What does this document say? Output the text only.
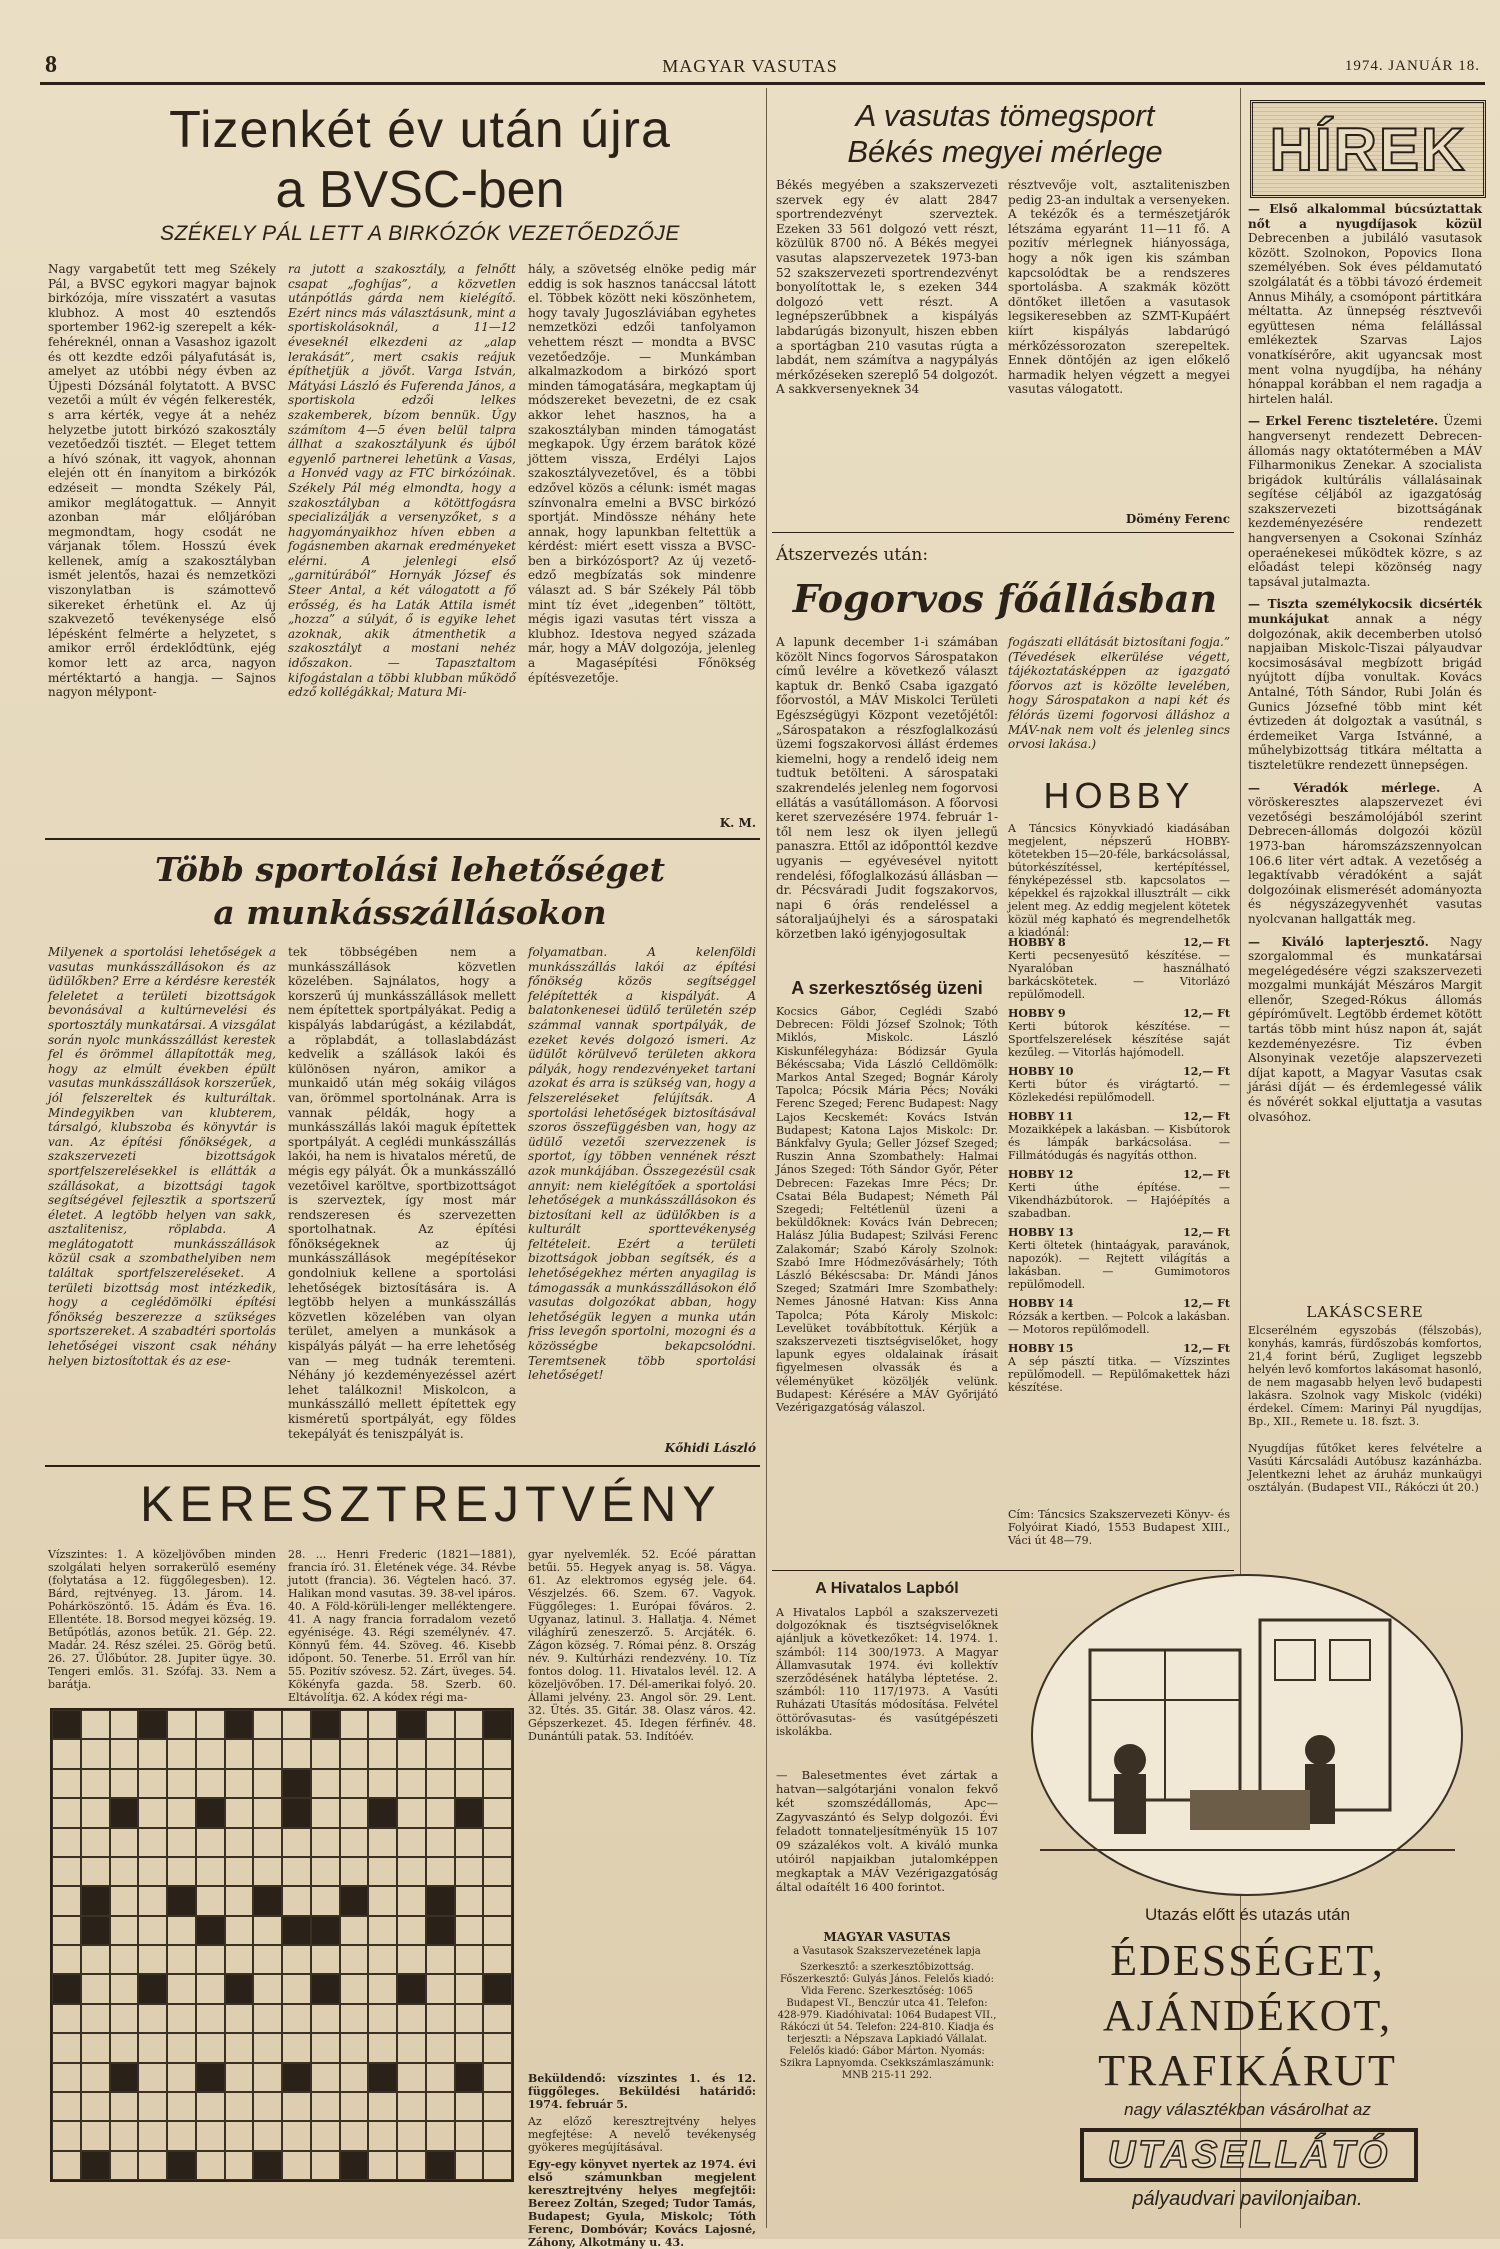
8	MAGYAR VASUTAS	1974. JANUÁR 18.
Tizenkét év után újra
a BVSC-ben
SZÉKELY PÁL LETT A BIRKÓZÓK VEZETŐEDZŐJE
Nagy vargabetűt tett meg Székely Pál, a BVSC egykori magyar bajnok birkózója, míre visszatért a vasutas klubhoz. A most 40 esztendős sportember 1962-ig szerepelt a kék-fehéreknél, onnan a Vasashoz igazolt és ott kezdte edzői pályafutását is, amelyet az utóbbi négy évben az Újpesti Dózsánál folytatott. A BVSC vezetői a múlt év végén felkeresték, s arra kérték, vegye át a nehéz helyzetbe jutott birkózó szakosztály vezetőedzői tisztét. — Eleget tettem a hívó szónak, itt vagyok, ahonnan elején ott én ínanyitom a birkózók edzéseit — mondta Székely Pál, amikor meglátogattuk. — Annyit azonban már előljáróban megmondtam, hogy csodát ne várjanak tőlem. Hosszú évek kellenek, amíg a szakosztályban ismét jelentős, hazai és nemzetközi viszonylatban is számottevő sikereket érhetünk el. Az új szakvezető tevékenysége első lépésként felmérte a helyzetet, s amikor erről érdeklődtünk, ejég komor lett az arca, nagyon mértéktartó a hangja. — Sajnos nagyon mélypont-
ra jutott a szakosztály, a felnőtt csapat „foghíjas”, a közvetlen utánpótlás gárda nem kielégítő. Ezért nincs más választásunk, mint a sportiskolásoknál, a 11—12 éveseknél elkezdeni az „alap lerakását”, mert csakis reájuk építhetjük a jövőt. Varga István, Mátyási László és Fuferenda János, a sportiskola edzői lelkes szakemberek, bízom bennük. Úgy számítom 4—5 éven belül talpra állhat a szakosztályunk és újból egyenlő partnerei lehetünk a Vasas, a Honvéd vagy az FTC birkózóinak. Székely Pál még elmondta, hogy a szakosztályban a kötöttfogásra specializálják a versenyzőket, s a hagyományaikhoz híven ebben a fogásnemben akarnak eredményeket elérni. A jelenlegi első „garnitúrából” Hornyák József és Steer Antal, a két válogatott a fő erősség, és ha Laták Attila ismét „hozza” a súlyát, ő is egyike lehet azoknak, akik átmenthetik a szakosztályt a mostani nehéz időszakon. — Tapasztaltom kifogástalan a többi klubban működő edző kollégákkal; Matura Mi-
hály, a szövetség elnöke pedig már eddig is sok hasznos tanáccsal látott el. Többek között neki köszönhetem, hogy tavaly Jugoszláviában egyhetes nemzetközi edzői tanfolyamon vehettem részt — mondta a BVSC vezetőedzője. — Munkámban alkalmazkodom a birkózó sport minden támogatására, megkaptam új módszereket bevezetni, de ez csak akkor lehet hasznos, ha a szakosztályban minden támogatást megkapok. Úgy érzem barátok közé jöttem vissza, Erdélyi Lajos szakosztályvezetővel, és a többi edzővel közös a célunk: ismét magas színvonalra emelni a BVSC birkózó sportját. Mindössze néhány hete annak, hogy lapunkban feltettük a kérdést: miért esett vissza a BVSC-ben a birkózósport? Az új vezető-edző megbízatás sok mindenre választ ad. S bár Székely Pál több mint tíz évet „idegenben” töltött, mégis igazi vasutas tért vissza a klubhoz. Idestova negyed százada már, hogy a MÁV dolgozója, jelenleg a Magasépítési Főnökség építésvezetője.
K. M.
Több sportolási lehetőséget
a munkásszállásokon
Milyenek a sportolási lehetőségek a vasutas munkásszállásokon és az üdülőkben? Erre a kérdésre keresték feleletet a területi bizottságok bevonásával a kultúrnevelési és sportosztály munkatársai. A vizsgálat során nyolc munkásszállást kerestek fel és örömmel állapították meg, hogy az elmúlt években épült vasutas munkásszállások korszerűek, jól felszereltek és kulturáltak. Mindegyikben van klubterem, társalgó, klubszoba és könyvtár is van. Az építési főnökségek, a szakszervezeti bizottságok sportfelszerelésekkel is ellátták a szállásokat, a bizottsági tagok segítségével fejlesztik a sportszerű életet. A legtöbb helyen van sakk, asztalitenisz, röplabda. A meglátogatott munkásszállások közül csak a szombathelyiben nem találtak sportfelszereléseket. A területi bizottság most intézkedik, hogy a ceglédömölki építési főnökség beszerezze a szükséges sportszereket. A szabadtéri sportolás lehetőségei viszont csak néhány helyen biztosítottak és az ese-
tek többségében nem a munkásszállások közvetlen közelében. Sajnálatos, hogy a korszerű új munkásszállások mellett nem építettek sportpályákat. Pedig a kispályás labdarúgást, a kézilabdát, a röplabdát, a tollaslabdázást kedvelik a szállások lakói és különösen nyáron, amikor a munkaidő után még sokáig világos van, örömmel sportolnának. Arra is vannak példák, hogy a munkásszállás lakói maguk építettek sportpályát. A ceglédi munkásszállás lakói, ha nem is hivatalos méretű, de mégis egy pályát. Ők a munkásszálló vezetőivel karöltve, sportbizottságot is szerveztek, így most már rendszeresen és szervezetten sportolhatnak. Az építési főnökségeknek az új munkásszállások megépítésekor gondolniuk kellene a sportolási lehetőségek biztosítására is. A legtöbb helyen a munkásszállás közvetlen közelében van olyan terület, amelyen a munkások a kispályás pályát — ha erre lehetőség van — meg tudnák teremteni. Néhány jó kezdeményezéssel azért lehet találkozni! Miskolcon, a munkásszálló mellett építettek egy kisméretű sportpályát, egy földes tekepályát és teniszpályát is.
folyamatban. A kelenföldi munkásszállás lakói az építési főnökség közös segítséggel felépítették a kispályát. A balatonkenesei üdülő területén szép számmal vannak sportpályák, de ezeket kevés dolgozó ismeri. Az üdülőt körülvevő területen akkora pályák, hogy rendezvényeket tartani azokat és arra is szükség van, hogy a felszereléseket felújítsák. A sportolási lehetőségek biztosításával szoros összefüggésben van, hogy az üdülő vezetői szervezzenek is sportot, így többen vennének részt azok munkájában. Összegezésül csak annyit: nem kielégítőek a sportolási lehetőségek a munkásszállásokon és biztosítani kell az üdülőkben is a kulturált sporttevékenység feltételeit. Ezért a területi bizottságok jobban segítsék, és a lehetőségekhez mérten anyagilag is támogassák a munkásszállásokon élő vasutas dolgozókat abban, hogy lehetőségük legyen a munka után friss levegőn sportolni, mozogni és a közösségbe bekapcsolódni. Teremtsenek több sportolási lehetőséget!
Kőhidi László
KERESZTREJTVÉNY
Vízszintes: 1. A közeljövőben minden szolgálati helyen sorrakerülő esemény (folytatása a 12. függőlegesben). 12. Bárd, rejtvényeg. 13. Járom. 14. Pohárköszöntő. 15. Ádám és Éva. 16. Ellentéte. 18. Borsod megyei község. 19. Betűpótlás, azonos betűk. 21. Gép. 22. Madár. 24. Rész szélei. 25. Görög betű. 26. 27. Ülőbútor. 28. Jupiter ügye. 30. Tengeri emlős. 31. Szófaj. 33. Nem a barátja.
28. ... Henri Frederic (1821—1881), francia író. 31. Életének vége. 34. Révbe jutott (francia). 36. Végtelen hacó. 37. Halikan mond vasutas. 39. 38-vel ipáros. 40. A Föld-körüli-lenger melléktengere. 41. A nagy francia forradalom vezető egyénisége. 43. Régi személynév. 47. Könnyű fém. 44. Szöveg. 46. Kisebb időpont. 50. Tenerbe. 51. Erről van hír. 55. Pozitív szóvesz. 52. Zárt, üveges. 54. Kökényfa gazda. 58. Szerb. 60. Eltávolítja. 62. A kódex régi ma-
gyar nyelvemlék. 52. Ecóé párattan betűi. 55. Hegyek anyag is. 58. Vágya. 61. Az elektromos egység jele. 64. Vészjelzés. 66. Szem. 67. Vagyok. Függőleges: 1. Európai főváros. 2. Ugyanaz, latinul. 3. Hallatja. 4. Német világhírű zeneszerző. 5. Arcjáték. 6. Zágon község. 7. Római pénz. 8. Ország név. 9. Kultúrházi rendezvény. 10. Tíz fontos dolog. 11. Hivatalos levél. 12. A közeljövőben. 17. Dél-amerikai folyó. 20. Állami jelvény. 23. Angol sör. 29. Lent. 32. Ütés. 35. Gitár. 38. Olasz város. 42. Gépszerkezet. 45. Idegen férfinév. 48. Dunántúli patak. 53. Indítóév.
Beküldendő: vízszintes 1. és 12. függőleges. Beküldési határidő: 1974. február 5.
Az előző keresztrejtvény helyes megfejtése: A nevelő tevékenység gyökeres megújításával.
Egy-egy könyvet nyertek az 1974. évi első számunkban megjelent keresztrejtvény helyes megfejtői: Bereez Zoltán, Szeged; Tudor Tamás, Budapest; Gyula, Miskolc; Tóth Ferenc, Dombóvár; Kovács Lajosné, Záhony, Alkotmány u. 43.
A vasutas tömegsport
Békés megyei mérlege
Békés megyében a szakszervezeti szervek egy év alatt 2847 sportrendezvényt szerveztek. Ezeken 33 561 dolgozó vett részt, közülük 8700 nő. A Békés megyei vasutas alapszervezetek 1973-ban 52 szakszervezeti sportrendezvényt bonyolítottak le, s ezeken 344 dolgozó vett részt. A legnépszerűbbnek a kispályás labdarúgás bizonyult, hiszen ebben a sportágban 210 vasutas rúgta a labdát, nem számítva a nagypályás mérkőzéseken szereplő 54 dolgozót. A sakkversenyeknek 34
résztvevője volt, asztaliteniszben pedig 23-an indultak a versenyeken. A tekézők és a természetjárók létszáma egyaránt 11—11 fő. A pozitív mérlegnek hiányossága, hogy a nők igen kis számban kapcsolódtak be a rendszeres sportolásba. A szakmák között döntőket illetően a vasutasok legsikeresebben az SZMT-Kupáért kiírt kispályás labdarúgó mérkőzéssorozaton szerepeltek. Ennek döntőjén az igen előkelő harmadik helyen végzett a megyei vasutas válogatott.
Dömény Ferenc
Átszervezés után:
Fogorvos főállásban
A lapunk december 1-i számában közölt Nincs fogorvos Sárospatakon című levélre a következő választ kaptuk dr. Benkő Csaba igazgató főorvostól, a MÁV Miskolci Területi Egészségügyi Központ vezetőjétől: „Sárospatakon a részfoglalkozású üzemi fogszakorvosi állást érdemes kiemelni, hogy a rendelő ideig nem tudtuk betölteni. A sárospataki szakrendelés jelenleg nem fogorvosi ellátás a vasútállomáson. A főorvosi keret szervezésére 1974. február 1-től nem lesz ok ilyen jellegű panaszra. Ettől az időponttól kezdve ugyanis — egyévesével nyitott rendelési, főfoglalkozású állásban — dr. Pécsváradi Judit fogszakorvos, napi 6 órás rendeléssel a sátoraljaújhelyi és a sárospataki körzetben lakó igényjogosultak
fogászati ellátását biztosítani fogja.” (Tévedések elkerülése végett, tájékoztatásképpen az igazgató főorvos azt is közölte levelében, hogy Sárospatakon a napi két és félórás üzemi fogorvosi álláshoz a MÁV-nak nem volt és jelenleg sincs orvosi lakása.)
HOBBY
A Táncsics Könyvkiadó kiadásában megjelent, népszerű HOBBY-kötetekben 15—20-féle, barkácsolással, bútorkészítéssel, kertépítéssel, fényképezéssel stb. kapcsolatos — képekkel és rajzokkal illusztrált — cikk jelent meg. Az eddig megjelent kötetek közül még kapható és megrendelhetők a kiadónál:
HOBBY 8	12,— Ft
Kerti pecsenyesütő készítése. — Nyaralóban használható barkácskötetek. — Vitorlázó repülőmodell.
HOBBY 9	12,— Ft
Kerti bútorok készítése. — Sportfelszerelések készítése saját kezűleg. — Vitorlás hajómodell.
HOBBY 10	12,— Ft
Kerti bútor és virágtartó. — Közlekedési repülőmodell.
HOBBY 11	12,— Ft
Mozaikképek a lakásban. — Kisbútorok és lámpák barkácsolása. — Fillmátódugás és nagyítás otthon.
HOBBY 12	12,— Ft
Kerti úthe építése. — Vikendházbútorok. — Hajóépítés a szabadban.
HOBBY 13	12,— Ft
Kerti öltetek (hintaágyak, paravánok, napozók). — Rejtett világítás a lakásban. — Gumimotoros repülőmodell.
HOBBY 14	12,— Ft
Rózsák a kertben. — Polcok a lakásban. — Motoros repülőmodell.
HOBBY 15	12,— Ft
A sép pásztí titka. — Vízszintes repülőmodell. — Repülőmakettek házi készítése.
Cím: Táncsics Szakszervezeti Könyv- és Folyóirat Kiadó, 1553 Budapest XIII., Váci út 48—79.
A szerkesztőség üzeni
Kocsics Gábor, Ceglédi Szabó Debrecen: Földi József Szolnok; Tóth Miklós, Miskolc. László Kiskunfélegyháza: Bódizsár Gyula Békéscsaba; Vida László Celldömölk: Markos Antal Szeged; Bognár Károly Tapolca; Pócsik Mária Pécs; Nováki Ferenc Szeged; Ferenc Budapest: Nagy Lajos Kecskemét: Kovács István Budapest; Katona Lajos Miskolc: Dr. Bánkfalvy Gyula; Geller József Szeged; Ruszin Anna Szombathely: Halmai János Szeged: Tóth Sándor Győr, Péter Debrecen: Fazekas Imre Pécs; Dr. Csatai Béla Budapest; Németh Pál Szegedi; Feltétlenül üzeni a beküldőknek: Kovács Iván Debrecen; Halász Júlia Budapest; Szilvási Ferenc Zalakomár; Szabó Károly Szolnok: Szabó Imre Hódmezővásárhely; Tóth László Békéscsaba: Dr. Mándi János Szeged; Szatmári Imre Szombathely: Nemes Jánosné Hatvan: Kiss Anna Tapolca; Póta Károly Miskolc: Levelüket továbbítottuk. Kérjük a szakszervezeti tisztségviselőket, hogy lapunk egyes oldalainak írásait figyelmesen olvassák és a véleményüket közöljék velünk. Budapest: Kérésére a MÁV Győrijátó Vezérigazgatóság válaszol.
A Hivatalos Lapból
A Hivatalos Lapból a szakszervezeti dolgozóknak és tisztségviselőknek ajánljuk a következőket: 14. 1974. 1. számból: 114 300/1973. A Magyar Államvasutak 1974. évi kollektív szerződésének hatályba léptetése. 2. számból: 110 117/1973. A Vasúti Ruházati Utasítás módosítása. Felvétel öttörővasutas- és vasútgépészeti iskolákba.
— Balesetmentes évet zártak a hatvan—salgótarjáni vonalon fekvő két szomszédállomás, Apc—Zagyvaszántó és Selyp dolgozói. Évi feladott tonnateljesítményük 15 107 09 százalékos volt. A kiváló munka utóiról napjaikban jutalomképpen megkaptak a MÁV Vezérigazgatóság által odaítélt 16 400 forintot.
MAGYAR VASUTAS
a Vasutasok Szakszervezetének lapja
Szerkesztő: a szerkesztőbizottság. Főszerkesztő: Gulyás János. Felelős kiadó: Vida Ferenc. Szerkesztőség: 1065 Budapest VI., Benczúr utca 41. Telefon: 428-979. Kiadóhivatal: 1064 Budapest VII., Rákóczi út 54. Telefon: 224-810. Kiadja és terjeszti: a Népszava Lapkiadó Vállalat. Felelős kiadó: Gábor Márton. Nyomás: Szikra Lapnyomda. Csekkszámlaszámunk: MNB 215-11 292.
HÍREK
— Első alkalommal búcsúztattak nőt a nyugdíjasok közül Debrecenben a jubiláló vasutasok között. Szolnokon, Popovics Ilona személyében. Sok éves példamutató szolgálatát és a többi távozó érdemeit Annus Mihály, a csomópont pártitkára méltatta. Az ünnepség résztvevői együttesen néma felállással emlékeztek Szarvas Lajos vonatkísérőre, akit ugyancsak most ment volna nyugdíjba, ha néhány hónappal korábban el nem ragadja a hirtelen halál.
— Erkel Ferenc tiszteletére. Üzemi hangversenyt rendezett Debrecen-állomás nagy oktatótermében a MÁV Filharmonikus Zenekar. A szocialista brigádok kultúrális vállalásainak segítése céljából az igazgatóság szakszervezeti bizottságának kezdeményezésére rendezett hangversenyen a Csokonai Színház operaénekesei működtek közre, s az előadást telepi közönség nagy tapsával jutalmazta.
— Tiszta személykocsik dicsérték munkájukat annak a négy dolgozónak, akik decemberben utolsó napjaiban Miskolc-Tiszai pályaudvar kocsimosásával megbízott brigád nyújtott díjba vonultak. Kovács Antalné, Tóth Sándor, Rubi Jolán és Gunics Józsefné több mint két évtizeden át dolgoztak a vasútnál, s érdemeiket Varga Istvánné, a műhelybizottság titkára méltatta a tiszteletükre rendezett ünnepségen.
— Véradók mérlege.	A vöröskeresztes alapszervezet évi vezetőségi beszámolójából szerint Debrecen-állomás dolgozói közül 1973-ban háromszázszennyolcan 106.6 liter vért adtak. A vezetőség a legaktívabb véradóként a saját dolgozóinak elismerését adományozta és négyszázegyvenhét vasutas nyolcvanan hallgatták meg.
— Kiváló lapterjesztő. Nagy szorgalommal és munkatársai megelégedésére végzi szakszervezeti mozgalmi munkáját Mészáros Margit ellenőr, Szeged-Rókus állomás gépíróművelt. Legtöbb érdemet kötött tartás több mint húsz napon át, saját kezdeményezésre. Tiz évben Alsonyinak vezetője alapszervezeti díjat kapott, a Magyar Vasutas csak járási díját — és érdemlegessé válik és nővérét sokkal eljuttatja a vasutas olvasóhoz.
LAKÁSCSERE
Elcserélném egyszobás (félszobás), konyhás, kamrás, fürdőszobás komfortos, 21,4 forint bérű, Zugliget legszebb helyén levő komfortos lakásomat hasonló, de nem magasabb helyen levő budapesti lakásra. Szolnok vagy Miskolc (vidéki) érdekel. Címem: Marinyi Pál nyugdíjas, Bp., XII., Remete u. 18. fszt. 3.
Nyugdíjas fűtőket keres felvételre a Vasúti Kárcsaládi Autóbusz kazánházba. Jelentkezni lehet az áruház munkaügyi osztályán. (Budapest VII., Rákóczi út 20.)
Utazás előtt és utazás után
ÉDESSÉGET,
AJÁNDÉKOT,
TRAFIKÁRUT
nagy választékban vásárolhat az
UTASELLÁTÓ
pályaudvari pavilonjaiban.
